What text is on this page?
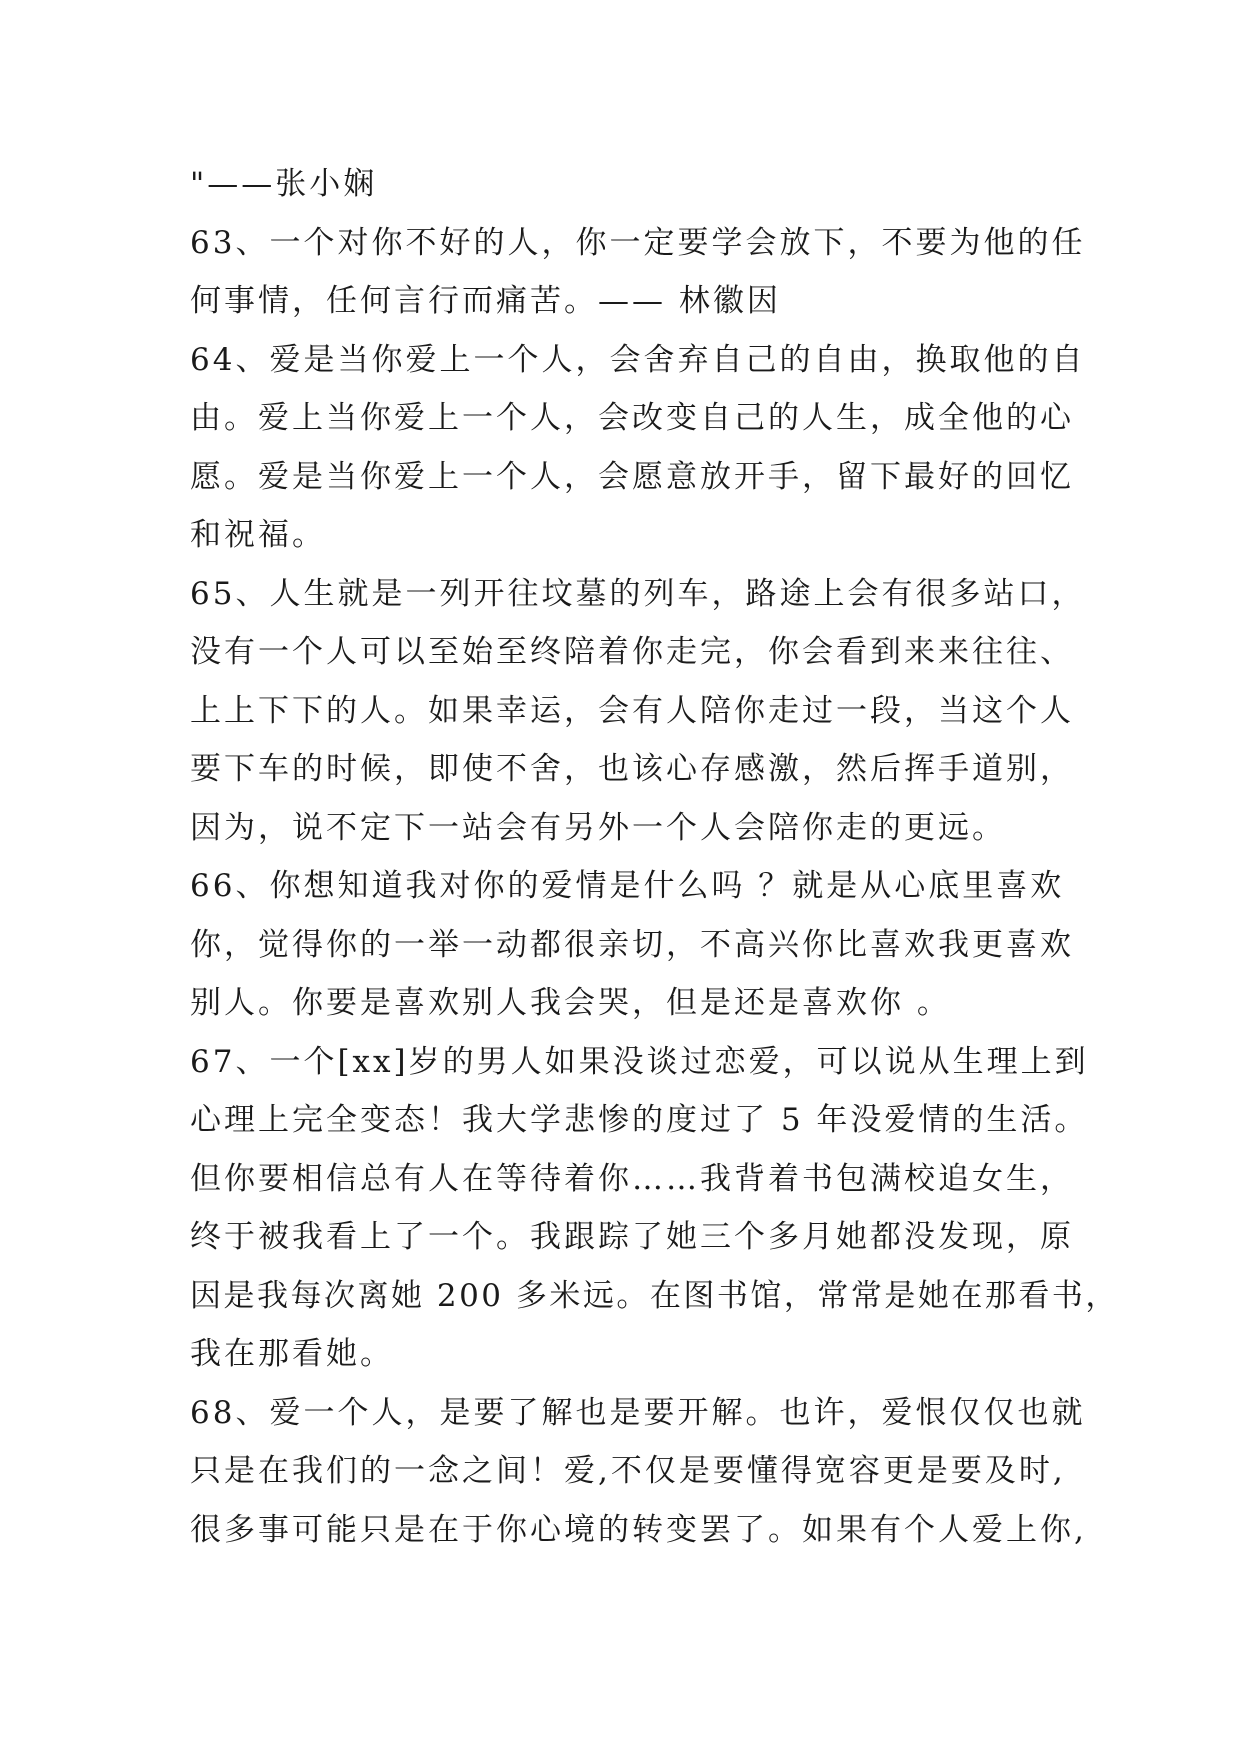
"——张小娴
63、一个对你不好的人，你一定要学会放下，不要为他的任
何事情，任何言行而痛苦。—— 林徽因
64、爱是当你爱上一个人，会舍弃自己的自由，换取他的自
由。爱上当你爱上一个人，会改变自己的人生，成全他的心
愿。爱是当你爱上一个人，会愿意放开手，留下最好的回忆
和祝福。
65、人生就是一列开往坟墓的列车，路途上会有很多站口，
没有一个人可以至始至终陪着你走完，你会看到来来往往、
上上下下的人。如果幸运，会有人陪你走过一段，当这个人
要下车的时候，即使不舍，也该心存感激，然后挥手道别，
因为，说不定下一站会有另外一个人会陪你走的更远。
66、你想知道我对你的爱情是什么吗 ？就是从心底里喜欢
你，觉得你的一举一动都很亲切，不高兴你比喜欢我更喜欢
别人。你要是喜欢别人我会哭，但是还是喜欢你 。
67、一个[xx]岁的男人如果没谈过恋爱，可以说从生理上到
心理上完全变态！我大学悲惨的度过了 5 年没爱情的生活。
但你要相信总有人在等待着你……我背着书包满校追女生，
终于被我看上了一个。我跟踪了她三个多月她都没发现，原
因是我每次离她 200 多米远。在图书馆，常常是她在那看书，
我在那看她。
68、爱一个人，是要了解也是要开解。也许，爱恨仅仅也就
只是在我们的一念之间！爱,不仅是要懂得宽容更是要及时,
很多事可能只是在于你心境的转变罢了。如果有个人爱上你,
